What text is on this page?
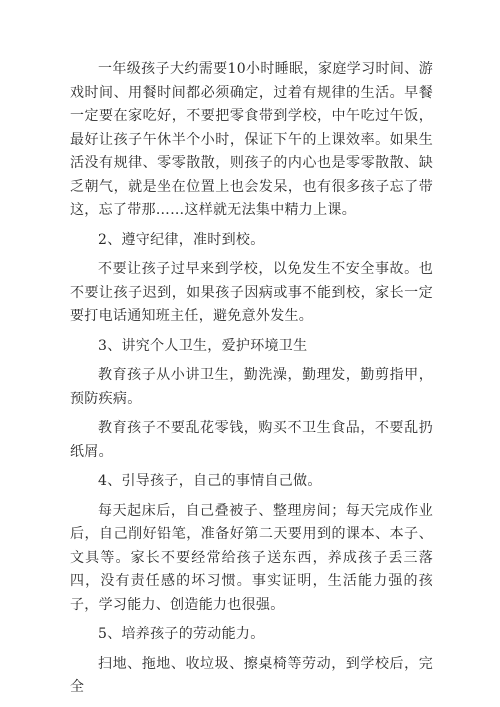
一年级孩子大约需要10小时睡眠，家庭学习时间、游戏时间、用餐时间都必须确定，过着有规律的生活。早餐一定要在家吃好，不要把零食带到学校，中午吃过午饭，最好让孩子午休半个小时，保证下午的上课效率。如果生活没有规律、零零散散，则孩子的内心也是零零散散、缺乏朝气，就是坐在位置上也会发呆，也有很多孩子忘了带这，忘了带那……这样就无法集中精力上课。

2、遵守纪律，准时到校。

不要让孩子过早来到学校，以免发生不安全事故。也不要让孩子迟到，如果孩子因病或事不能到校，家长一定要打电话通知班主任，避免意外发生。

3、讲究个人卫生，爱护环境卫生

教育孩子从小讲卫生，勤洗澡，勤理发，勤剪指甲，预防疾病。

教育孩子不要乱花零钱，购买不卫生食品，不要乱扔纸屑。

4、引导孩子，自己的事情自己做。

每天起床后，自己叠被子、整理房间；每天完成作业后，自己削好铅笔，准备好第二天要用到的课本、本子、文具等。家长不要经常给孩子送东西，养成孩子丢三落四，没有责任感的坏习惯。事实证明，生活能力强的孩子，学习能力、创造能力也很强。

5、培养孩子的劳动能力。

扫地、拖地、收垃圾、擦桌椅等劳动，到学校后，完全
